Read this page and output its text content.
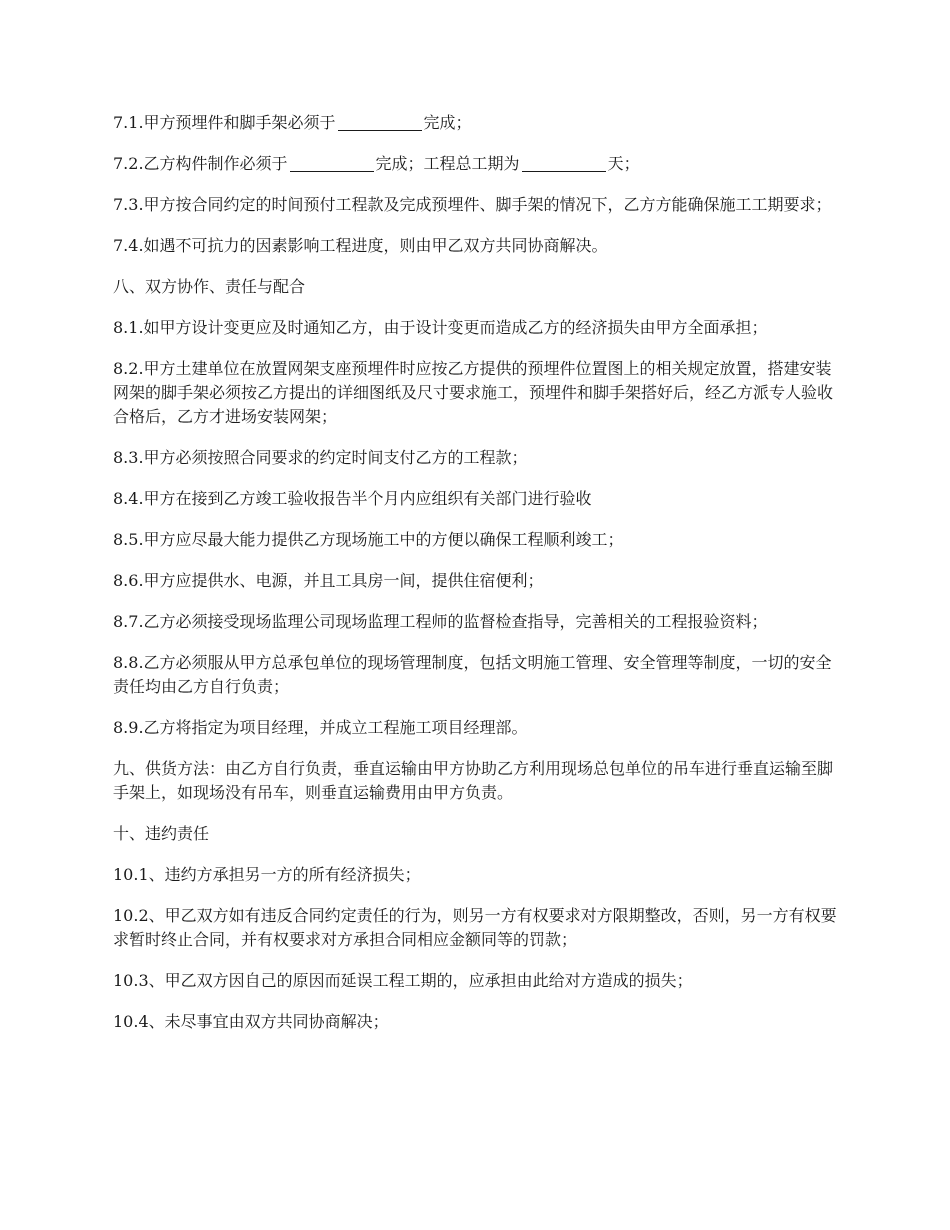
7.1.甲方预埋件和脚手架必须于	完成；

7.2.乙方构件制作必须于	完成；工程总工期为	天；

7.3.甲方按合同约定的时间预付工程款及完成预埋件、脚手架的情况下，乙方方能确保施工工期要求；

7.4.如遇不可抗力的因素影响工程进度，则由甲乙双方共同协商解决。

八、双方协作、责任与配合

8.1.如甲方设计变更应及时通知乙方，由于设计变更而造成乙方的经济损失由甲方全面承担；

8.2.甲方土建单位在放置网架支座预埋件时应按乙方提供的预埋件位置图上的相关规定放置，搭建安装网架的脚手架必须按乙方提出的详细图纸及尺寸要求施工，预埋件和脚手架搭好后，经乙方派专人验收合格后，乙方才进场安装网架；

8.3.甲方必须按照合同要求的约定时间支付乙方的工程款；

8.4.甲方在接到乙方竣工验收报告半个月内应组织有关部门进行验收

8.5.甲方应尽最大能力提供乙方现场施工中的方便以确保工程顺利竣工；

8.6.甲方应提供水、电源，并且工具房一间，提供住宿便利；

8.7.乙方必须接受现场监理公司现场监理工程师的监督检查指导，完善相关的工程报验资料；

8.8.乙方必须服从甲方总承包单位的现场管理制度，包括文明施工管理、安全管理等制度，一切的安全责任均由乙方自行负责；

8.9.乙方将指定为项目经理，并成立工程施工项目经理部。

九、供货方法：由乙方自行负责，垂直运输由甲方协助乙方利用现场总包单位的吊车进行垂直运输至脚手架上，如现场没有吊车，则垂直运输费用由甲方负责。

十、违约责任

10.1、违约方承担另一方的所有经济损失；

10.2、甲乙双方如有违反合同约定责任的行为，则另一方有权要求对方限期整改，否则，另一方有权要求暂时终止合同，并有权要求对方承担合同相应金额同等的罚款；

10.3、甲乙双方因自己的原因而延误工程工期的，应承担由此给对方造成的损失；

10.4、未尽事宜由双方共同协商解决；
